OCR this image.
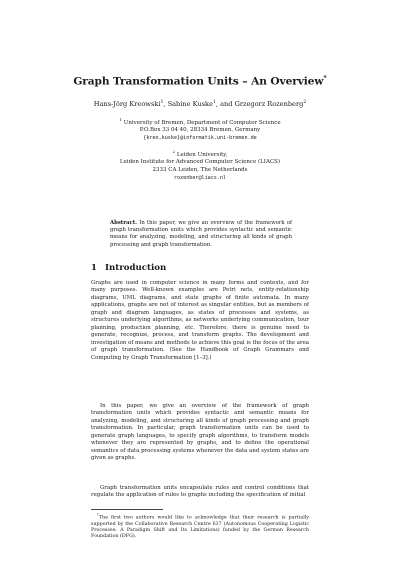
Graph Transformation Units – An Overview*
Hans-Jörg Kreowski$^1$, Sabine Kuske$^1$, and Grzegorz Rozenberg$^2$
$^1$ University of Bremen, Department of Computer Science
P.O.Box 33 04 40, 28334 Bremen, Germany
{kreo,kuske}@informatik.uni-bremen.de
$^2$ Leiden University,
Leiden Institute for Advanced Computer Science (LIACS)
2333 CA Leiden, The Netherlands
rozenber@liacs.nl

Abstract. In this paper, we give an overview of the framework of graph transformation units which provides syntactic and semantic means for analyzing, modeling, and structuring all kinds of graph processing and graph transformation.

1 Introduction

Graphs are used in computer science in many forms and contexts, and for many purposes. Well-known examples are Petri nets, entity-relationship diagrams, UML diagrams, and state graphs of finite automata. In many applications, graphs are not of interest as singular entities, but as members of graph and diagram languages, as states of processes and systems, as structures underlying algorithms, as networks underlying communication, tour planning, production planning, etc. Therefore, there is genuine need to generate, recognize, process, and transform graphs. The development and investigation of means and methods to achieve this goal is the focus of the area of graph transformation. (See the Handbook of Graph Grammars and Computing by Graph Transformation [1–3].)

In this paper, we give an overview of the framework of graph transformation units which provides syntactic and semantic means for analyzing, modeling, and structuring all kinds of graph processing and graph transformation. In particular, graph transformation units can be used to generate graph languages, to specify graph algorithms, to transform models whenever they are represented by graphs, and to define the operational semantics of data processing systems whenever the data and system states are given as graphs.

Graph transformation units encapsulate rules and control conditions that regulate the application of rules to graphs including the specification of initial

*The first two authors would like to acknowledge that their research is partially supported by the Collaborative Research Centre 637 (Autonomous Cooperating Logistic Processes: A Paradigm Shift and Its Limitations) funded by the German Research Foundation (DFG).
